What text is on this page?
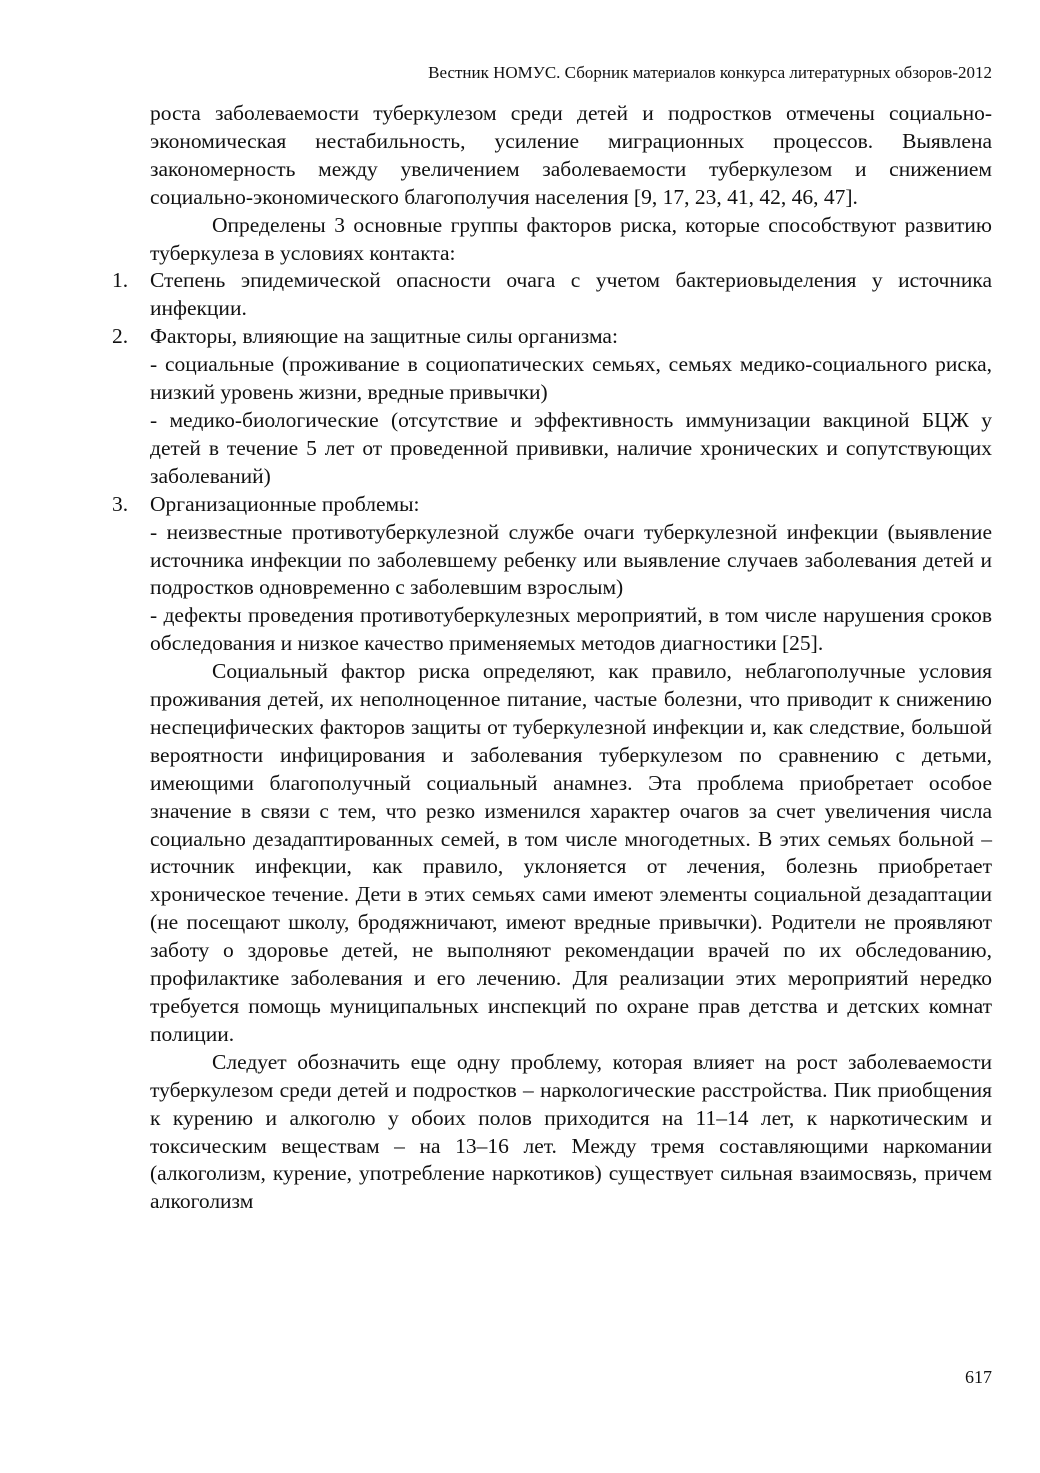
Вестник НОМУС. Сборник материалов конкурса литературных обзоров-2012

роста заболеваемости туберкулезом среди детей и подростков отмечены социально-экономическая нестабильность, усиление миграционных процессов. Выявлена закономерность между увеличением заболеваемости туберкулезом и снижением социально-экономического благополучия населения [9, 17, 23, 41, 42, 46, 47].

Определены 3 основные группы факторов риска, которые способствуют развитию туберкулеза в условиях контакта:

1. Степень эпидемической опасности очага с учетом бактериовыделения у источника инфекции.

2. Факторы, влияющие на защитные силы организма:

- социальные (проживание в социопатических семьях, семьях медико-социального риска, низкий уровень жизни, вредные привычки)

- медико-биологические (отсутствие и эффективность иммунизации вакциной БЦЖ у детей в течение 5 лет от проведенной прививки, наличие хронических и сопутствующих заболеваний)

3. Организационные проблемы:

- неизвестные противотуберкулезной службе очаги туберкулезной инфекции (выявление источника инфекции по заболевшему ребенку или выявление случаев заболевания детей и подростков одновременно с заболевшим взрослым)

- дефекты проведения противотуберкулезных мероприятий, в том числе нарушения сроков обследования и низкое качество применяемых методов диагностики [25].

Социальный фактор риска определяют, как правило, неблагополучные условия проживания детей, их неполноценное питание, частые болезни, что приводит к снижению неспецифических факторов защиты от туберкулезной инфекции и, как следствие, большой вероятности инфицирования и заболевания туберкулезом по сравнению с детьми, имеющими благополучный социальный анамнез. Эта проблема приобретает особое значение в связи с тем, что резко изменился характер очагов за счет увеличения числа социально дезадаптированных семей, в том числе многодетных. В этих семьях больной – источник инфекции, как правило, уклоняется от лечения, болезнь приобретает хроническое течение. Дети в этих семьях сами имеют элементы социальной дезадаптации (не посещают школу, бродяжничают, имеют вредные привычки). Родители не проявляют заботу о здоровье детей, не выполняют рекомендации врачей по их обследованию, профилактике заболевания и его лечению. Для реализации этих мероприятий нередко требуется помощь муниципальных инспекций по охране прав детства и детских комнат полиции.

Следует обозначить еще одну проблему, которая влияет на рост заболеваемости туберкулезом среди детей и подростков – наркологические расстройства. Пик приобщения к курению и алкоголю у обоих полов приходится на 11–14 лет, к наркотическим и токсическим веществам – на 13–16 лет. Между тремя составляющими наркомании (алкоголизм, курение, употребление наркотиков) существует сильная взаимосвязь, причем алкоголизм

617
